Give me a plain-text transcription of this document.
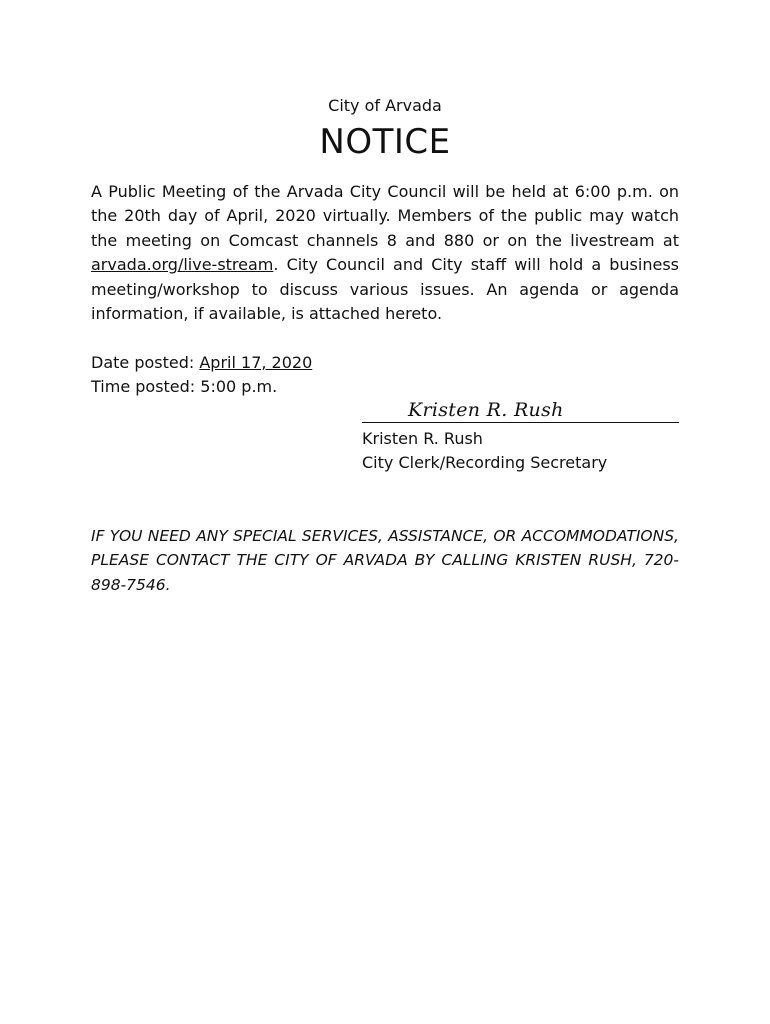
City of Arvada
NOTICE

A Public Meeting of the Arvada City Council will be held at 6:00 p.m. on the 20th day of April, 2020 virtually. Members of the public may watch the meeting on Comcast channels 8 and 880 or on the livestream at arvada.org/live-stream. City Council and City staff will hold a business meeting/workshop to discuss various issues. An agenda or agenda information, if available, is attached hereto.

Date posted: April 17, 2020
Time posted: 5:00 p.m.
Kristen R. Rush
Kristen R. Rush
City Clerk/Recording Secretary

IF YOU NEED ANY SPECIAL SERVICES, ASSISTANCE, OR ACCOMMODATIONS, PLEASE CONTACT THE CITY OF ARVADA BY CALLING KRISTEN RUSH, 720-898-7546.
